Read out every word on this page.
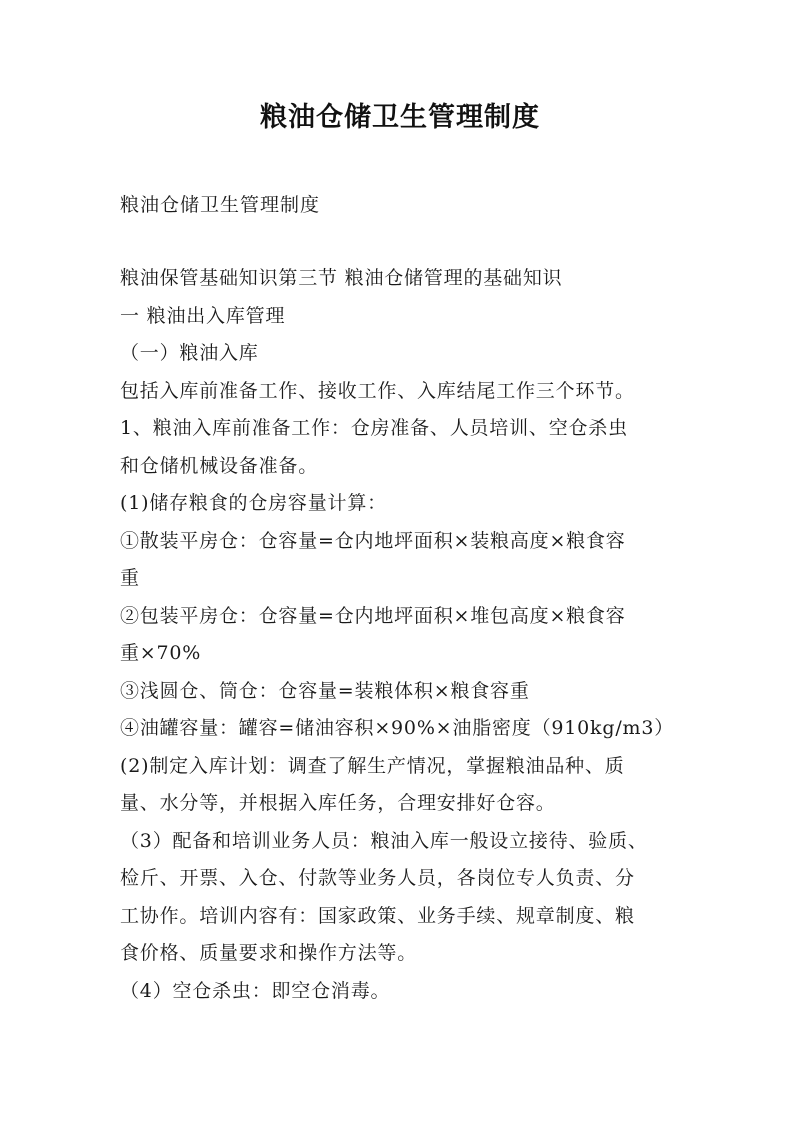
粮油仓储卫生管理制度
粮油仓储卫生管理制度
粮油保管基础知识第三节 粮油仓储管理的基础知识
一 粮油出入库管理
（一）粮油入库
包括入库前准备工作、接收工作、入库结尾工作三个环节。
1、粮油入库前准备工作：仓房准备、人员培训、空仓杀虫
和仓储机械设备准备。
(1)储存粮食的仓房容量计算：
①散装平房仓：仓容量=仓内地坪面积×装粮高度×粮食容
重
②包装平房仓：仓容量=仓内地坪面积×堆包高度×粮食容
重×70%
③浅圆仓、筒仓：仓容量=装粮体积×粮食容重
④油罐容量：罐容=储油容积×90%×油脂密度（910kg/m3）
(2)制定入库计划：调查了解生产情况，掌握粮油品种、质
量、水分等，并根据入库任务，合理安排好仓容。
（3）配备和培训业务人员：粮油入库一般设立接待、验质、
检斤、开票、入仓、付款等业务人员，各岗位专人负责、分
工协作。培训内容有：国家政策、业务手续、规章制度、粮
食价格、质量要求和操作方法等。
（4）空仓杀虫：即空仓消毒。
